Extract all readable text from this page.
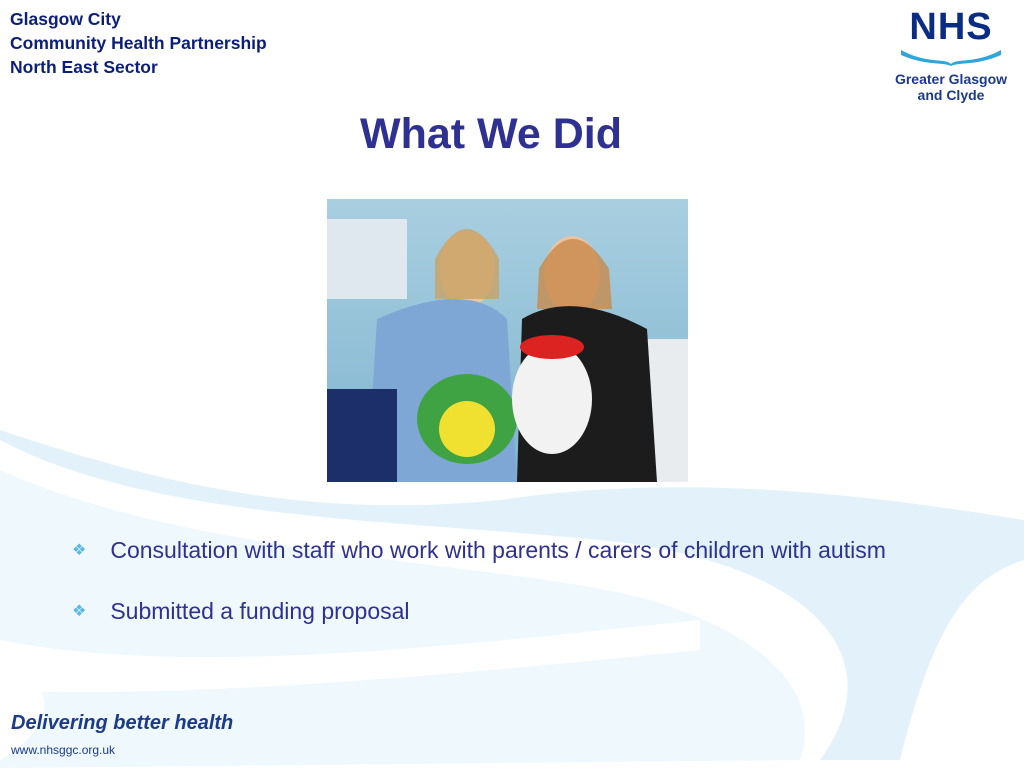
Glasgow City
Community Health Partnership
North East Sector
NHS
Greater Glasgow
and Clyde
What We Did
❖ Consultation with staff who work with parents / carers of children with autism
❖ Submitted a funding proposal
Delivering better health
www.nhsggc.org.uk
